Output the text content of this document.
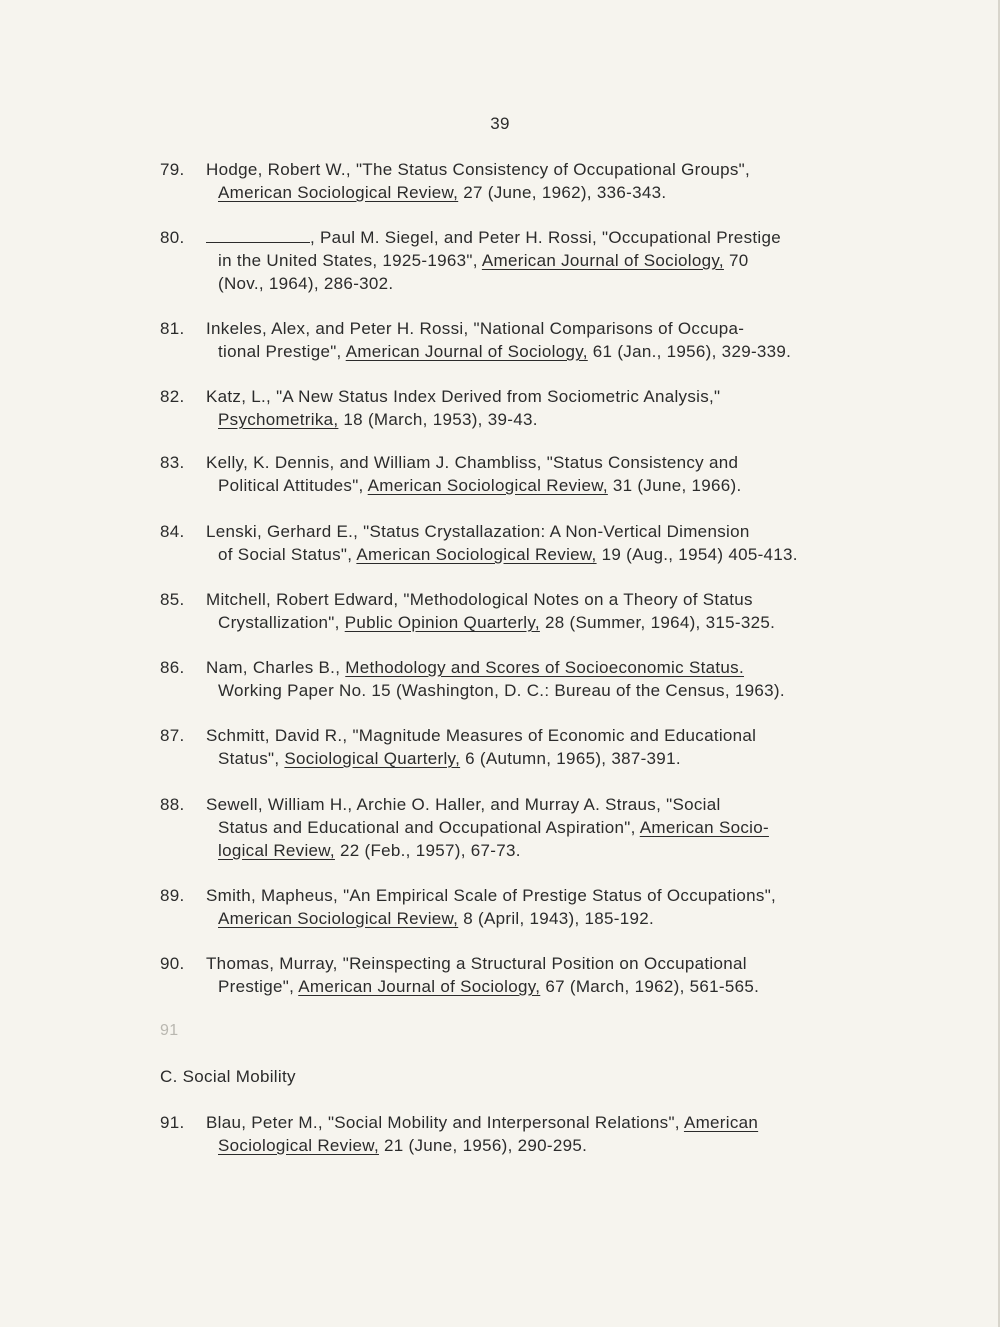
39
79.	Hodge, Robert W., "The Status Consistency of Occupational Groups",
American Sociological Review, 27 (June, 1962), 336-343.
80.	, Paul M. Siegel, and Peter H. Rossi, "Occupational Prestige
in the United States, 1925-1963", American Journal of Sociology, 70
(Nov., 1964), 286-302.
81.	Inkeles, Alex, and Peter H. Rossi, "National Comparisons of Occupa-
tional Prestige", American Journal of Sociology, 61 (Jan., 1956), 329-339.
82.	Katz, L., "A New Status Index Derived from Sociometric Analysis,"
Psychometrika, 18 (March, 1953), 39-43.
83.	Kelly, K. Dennis, and William J. Chambliss, "Status Consistency and
Political Attitudes", American Sociological Review, 31 (June, 1966).
84.	Lenski, Gerhard E., "Status Crystallazation: A Non-Vertical Dimension
of Social Status", American Sociological Review, 19 (Aug., 1954) 405-413.
85.	Mitchell, Robert Edward, "Methodological Notes on a Theory of Status
Crystallization", Public Opinion Quarterly, 28 (Summer, 1964), 315-325.
86.	Nam, Charles B., Methodology and Scores of Socioeconomic Status.
Working Paper No. 15 (Washington, D. C.: Bureau of the Census, 1963).
87.	Schmitt, David R., "Magnitude Measures of Economic and Educational
Status", Sociological Quarterly, 6 (Autumn, 1965), 387-391.
88.	Sewell, William H., Archie O. Haller, and Murray A. Straus, "Social
Status and Educational and Occupational Aspiration", American Socio-
logical Review, 22 (Feb., 1957), 67-73.
89.	Smith, Mapheus, "An Empirical Scale of Prestige Status of Occupations",
American Sociological Review, 8 (April, 1943), 185-192.
90.	Thomas, Murray, "Reinspecting a Structural Position on Occupational
Prestige", American Journal of Sociology, 67 (March, 1962), 561-565.
91
C. Social Mobility
91.	Blau, Peter M., "Social Mobility and Interpersonal Relations", American
Sociological Review, 21 (June, 1956), 290-295.
